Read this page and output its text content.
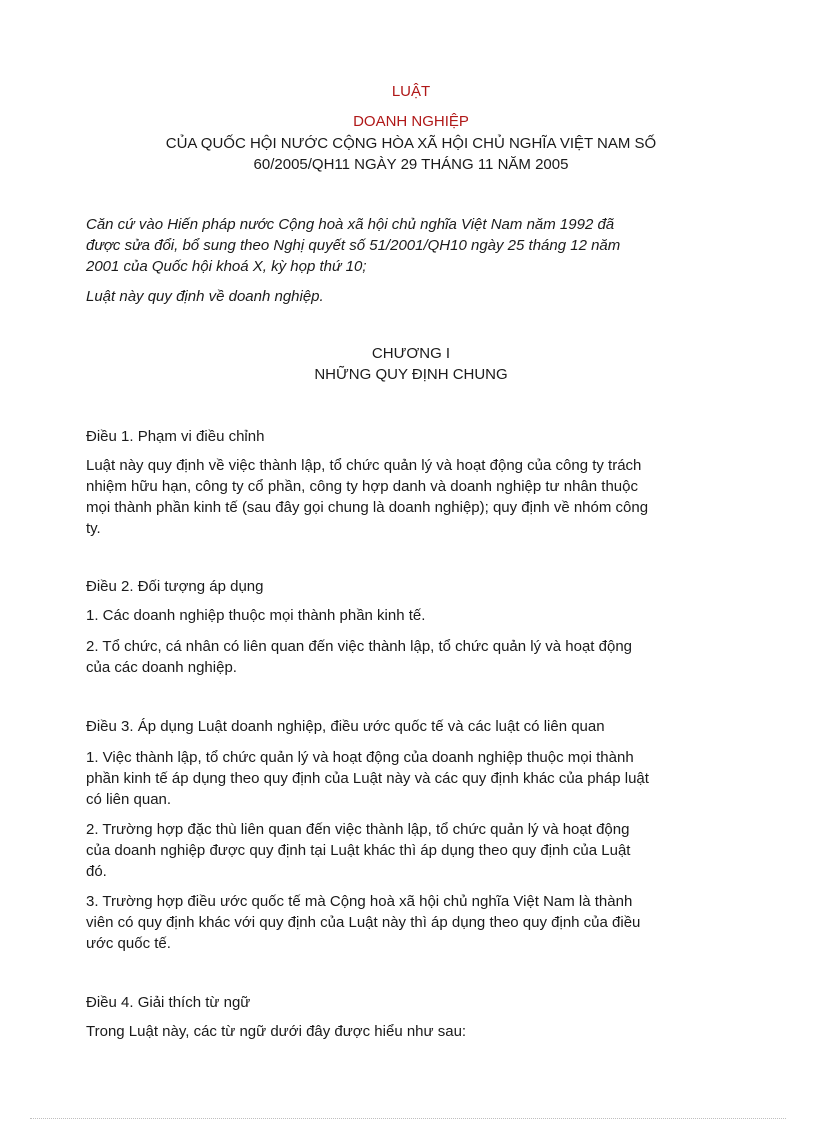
LUẬT
DOANH NGHIỆP
CỦA QUỐC HỘI NƯỚC CỘNG HÒA XÃ HỘI CHỦ NGHĨA VIỆT NAM SỐ
60/2005/QH11 NGÀY 29 THÁNG 11 NĂM 2005
Căn cứ vào Hiến pháp nước Cộng hoà xã hội chủ nghĩa Việt Nam năm 1992 đã
được sửa đổi, bổ sung theo Nghị quyết số 51/2001/QH10 ngày 25 tháng 12 năm
2001 của Quốc hội khoá X, kỳ họp thứ 10;
Luật này quy định về doanh nghiệp.
CHƯƠNG I
NHỮNG QUY ĐỊNH CHUNG
Điều 1. Phạm vi điều chỉnh
Luật này quy định về việc thành lập, tổ chức quản lý và hoạt động của công ty trách
nhiệm hữu hạn, công ty cổ phần, công ty hợp danh và doanh nghiệp tư nhân thuộc
mọi thành phần kinh tế (sau đây gọi chung là doanh nghiệp); quy định về nhóm công
ty.
Điều 2. Đối tượng áp dụng
1. Các doanh nghiệp thuộc mọi thành phần kinh tế.
2. Tổ chức, cá nhân có liên quan đến việc thành lập, tổ chức quản lý và hoạt động
của các doanh nghiệp.
Điều 3. Áp dụng Luật doanh nghiệp, điều ước quốc tế và các luật có liên quan
1. Việc thành lập, tổ chức quản lý và hoạt động của doanh nghiệp thuộc mọi thành
phần kinh tế áp dụng theo quy định của Luật này và các quy định khác của pháp luật
có liên quan.
2. Trường hợp đặc thù liên quan đến việc thành lập, tổ chức quản lý và hoạt động
của doanh nghiệp được quy định tại Luật khác thì áp dụng theo quy định của Luật
đó.
3. Trường hợp điều ước quốc tế mà Cộng hoà xã hội chủ nghĩa Việt Nam là thành
viên có quy định khác với quy định của Luật này thì áp dụng theo quy định của điều
ước quốc tế.
Điều 4. Giải thích từ ngữ
Trong Luật này, các từ ngữ dưới đây được hiểu như sau:
